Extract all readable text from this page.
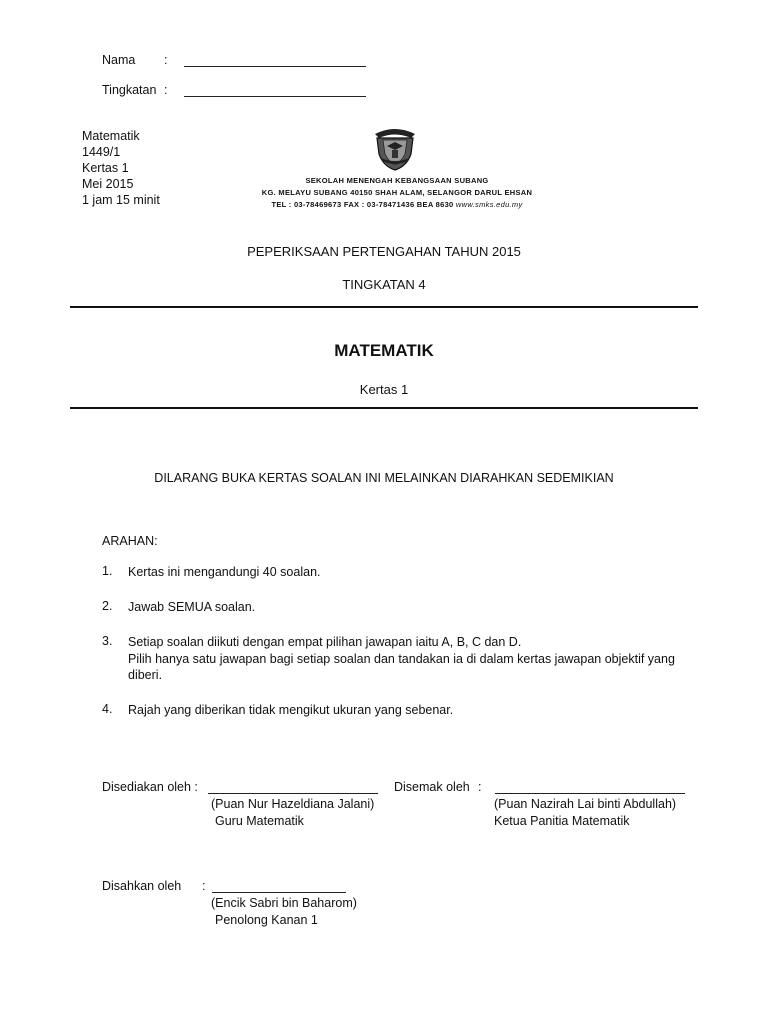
Nama :
Tingkatan :
Matematik
1449/1
Kertas 1
Mei 2015
1 jam 15 minit
SEKOLAH MENENGAH KEBANGSAAN SUBANG
KG. MELAYU SUBANG 40150 SHAH ALAM, SELANGOR DARUL EHSAN
TEL : 03-78469673 FAX : 03-78471436 BEA 8630 www.smks.edu.my
PEPERIKSAAN PERTENGAHAN TAHUN 2015
TINGKATAN 4
MATEMATIK
Kertas 1
DILARANG BUKA KERTAS SOALAN INI MELAINKAN DIARAHKAN SEDEMIKIAN
ARAHAN:
1. Kertas ini mengandungi 40 soalan.
2. Jawab SEMUA soalan.
3. Setiap soalan diikuti dengan empat pilihan jawapan iaitu A, B, C dan D.
Pilih hanya satu jawapan bagi setiap soalan dan tandakan ia di dalam kertas jawapan objektif yang diberi.
4. Rajah yang diberikan tidak mengikut ukuran yang sebenar.
Disediakan oleh :
(Puan Nur Hazeldiana Jalani)
Guru Matematik
Disemak oleh :
(Puan Nazirah Lai binti Abdullah)
Ketua Panitia Matematik
Disahkan oleh :
(Encik Sabri bin Baharom)
Penolong Kanan 1
